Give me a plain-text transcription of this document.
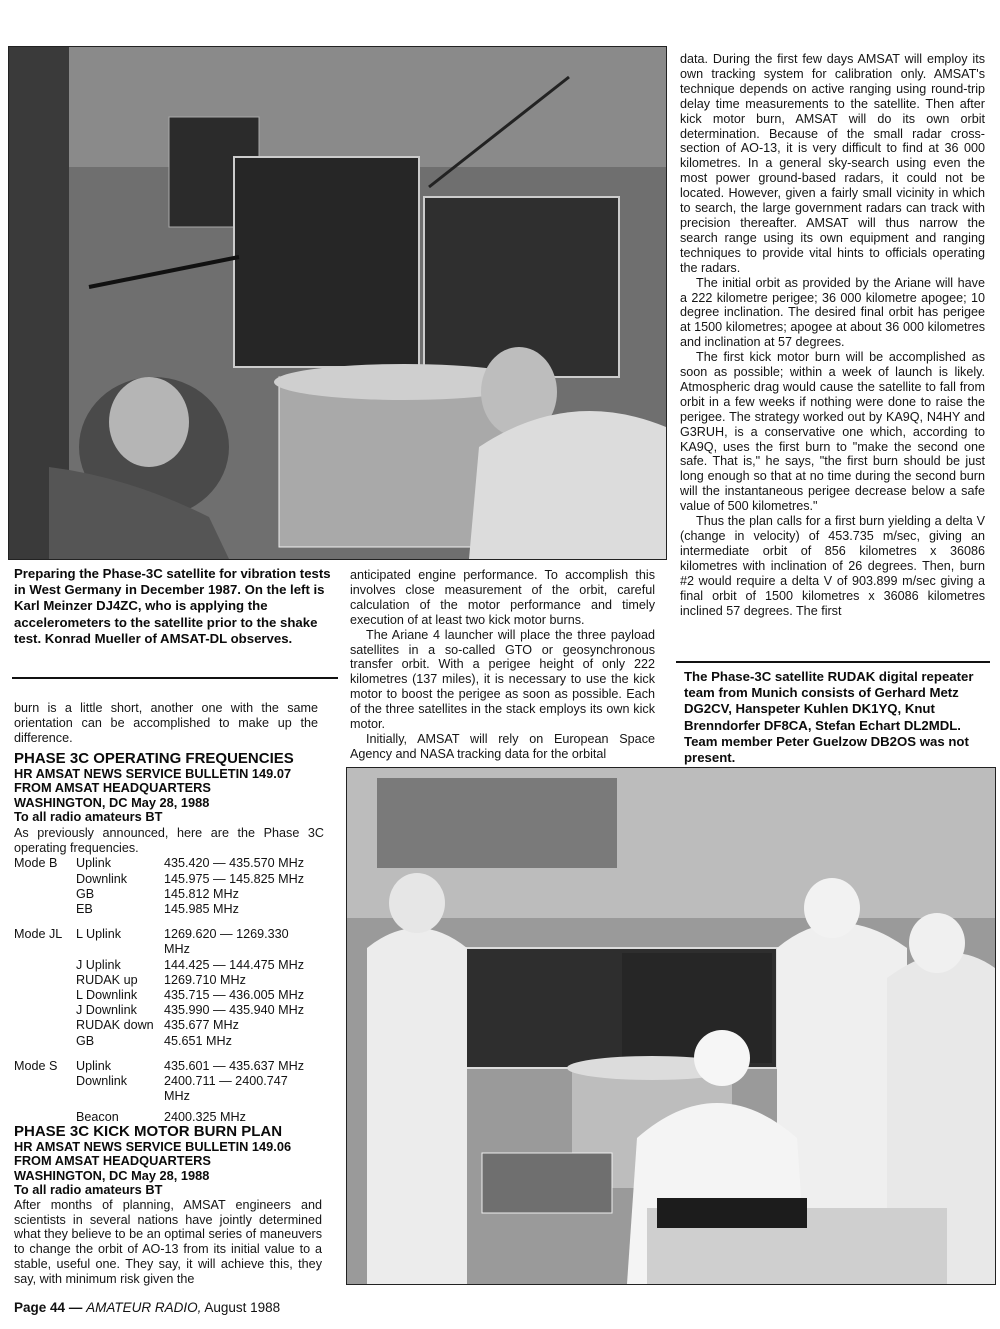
Preparing the Phase-3C satellite for vibration tests in West Germany in December 1987. On the left is Karl Meinzer DJ4ZC, who is applying the accelerometers to the satellite prior to the shake test. Konrad Mueller of AMSAT-DL observes.

burn is a little short, another one with the same orientation can be accomplished to make up the difference.

PHASE 3C OPERATING FREQUENCIES
HR AMSAT NEWS SERVICE BULLETIN 149.07
FROM AMSAT HEADQUARTERS
WASHINGTON, DC May 28, 1988
To all radio amateurs BT

As previously announced, here are the Phase 3C operating frequencies.

Mode B	Uplink	435.420 — 435.570 MHz
Downlink	145.975 — 145.825 MHz
GB	145.812 MHz
EB	145.985 MHz
Mode JL	L Uplink	1269.620 — 1269.330 MHz
J Uplink	144.425 — 144.475 MHz
RUDAK up	1269.710 MHz
L Downlink	435.715 — 436.005 MHz
J Downlink	435.990 — 435.940 MHz
RUDAK down 435.677 MHz
GB	45.651 MHz
Mode S	Uplink	435.601 — 435.637 MHz
Downlink	2400.711 — 2400.747 MHz
Beacon	2400.325 MHz
PHASE 3C KICK MOTOR BURN PLAN
HR AMSAT NEWS SERVICE BULLETIN 149.06
FROM AMSAT HEADQUARTERS
WASHINGTON, DC May 28, 1988
To all radio amateurs BT

After months of planning, AMSAT engineers and scientists in several nations have jointly determined what they believe to be an optimal series of maneuvers to change the orbit of AO-13 from its initial value to a stable, useful one. They say, it will achieve this, they say, with minimum risk given the

anticipated engine performance. To accomplish this involves close measurement of the orbit, careful calculation of the motor performance and timely execution of at least two kick motor burns.

The Ariane 4 launcher will place the three payload satellites in a so-called GTO or geosynchronous transfer orbit. With a perigee height of only 222 kilometres (137 miles), it is necessary to use the kick motor to boost the perigee as soon as possible. Each of the three satellites in the stack employs its own kick motor.

Initially, AMSAT will rely on European Space Agency and NASA tracking data for the orbital

data. During the first few days AMSAT will employ its own tracking system for calibration only. AMSAT's technique depends on active ranging using round-trip delay time measurements to the satellite. Then after kick motor burn, AMSAT will do its own orbit determination. Because of the small radar cross-section of AO-13, it is very difficult to find at 36 000 kilometres. In a general sky-search using even the most power ground-based radars, it could not be located. However, given a fairly small vicinity in which to search, the large government radars can track with precision thereafter. AMSAT will thus narrow the search range using its own equipment and ranging techniques to provide vital hints to officials operating the radars.

The initial orbit as provided by the Ariane will have a 222 kilometre perigee; 36 000 kilometre apogee; 10 degree inclination. The desired final orbit has perigee at 1500 kilometres; apogee at about 36 000 kilometres and inclination at 57 degrees.

The first kick motor burn will be accomplished as soon as possible; within a week of launch is likely. Atmospheric drag would cause the satellite to fall from orbit in a few weeks if nothing were done to raise the perigee. The strategy worked out by KA9Q, N4HY and G3RUH, is a conservative one which, according to KA9Q, uses the first burn to "make the second one safe. That is," he says, "the first burn should be just long enough so that at no time during the second burn will the instantaneous perigee decrease below a safe value of 500 kilometres."

Thus the plan calls for a first burn yielding a delta V (change in velocity) of 453.735 m/sec, giving an intermediate orbit of 856 kilometres x 36086 kilometres with inclination of 26 degrees. Then, burn #2 would require a delta V of 903.899 m/sec giving a final orbit of 1500 kilometres x 36086 kilometres inclined 57 degrees. The first

The Phase-3C satellite RUDAK digital repeater team from Munich consists of Gerhard Metz DG2CV, Hanspeter Kuhlen DK1YQ, Knut Brenndorfer DF8CA, Stefan Echart DL2MDL. Team member Peter Guelzow DB2OS was not present.
Page 44 — AMATEUR RADIO, August 1988
